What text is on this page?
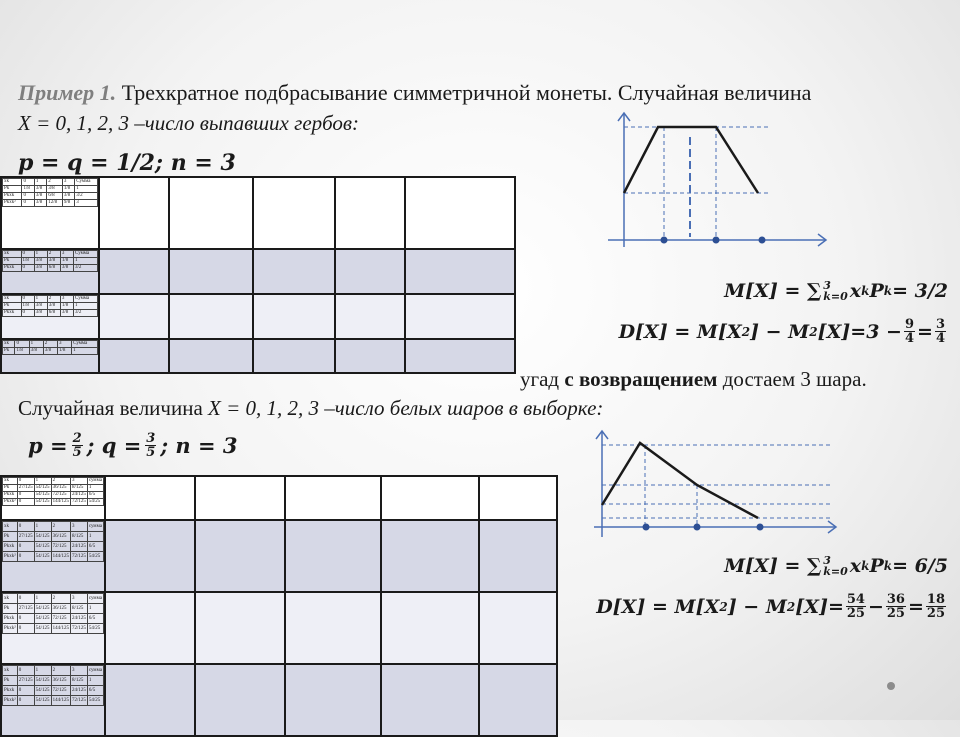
Пример 1. Трехкратное подбрасывание симметричной монеты. Случайная величина
X = 0, 1, 2, 3 –число выпавших гербов:
p = q = 1/2; n = 3
xk	0	1	2	3	Сумма
Pk	1/8	3/8	3/8	1/8	1
Pkxk	0	3/8	6/8	3/8	3/2
Pkxk²	0	3/8	12/8	9/8	3

xk	0	1	2	3	Сумма
Pk	1/8	3/8	3/8	1/8	1
Pkxk	0	3/8	6/8	3/8	3/2

xk	0	1	2	3	Сумма
Pk	1/8	3/8	3/8	1/8	1
Pkxk	0	3/8	6/8	3/8	3/2

xk	0	1	2	3	Сумма
Pk	1/8	3/8	3/8	1/8	1

M[X] = ∑ 3
k=0 x k P k = 3/2
D[X] = M [X 2 ] − M 2 $[X]=3 - \frac{9}{4} = \frac{3}{4}$
угад с возвращением достаем 3 шара.
Случайная величина X = 0, 1, 2, 3 –число белых шаров в выборке:
$p = \frac{2}{5}$ ; $q = \frac{3}{5}$ ; n = 3
xk	0	1	2	3	сумма
Pk	27/125	54/125	36/125	8/125	1
Pkxk	0	54/125	72/125	24/125	6/5
Pkxk²	0	54/125	144/125	72/125	54/25

xk	0	1	2	3	сумма
Pk	27/125	54/125	36/125	8/125	1
Pkxk	0	54/125	72/125	24/125	6/5
Pkxk²	0	54/125	144/125	72/125	54/25

xk	0	1	2	3	сумма
Pk	27/125	54/125	36/125	8/125	1
Pkxk	0	54/125	72/125	24/125	6/5
Pkxk²	0	54/125	144/125	72/125	54/25

xk	0	1	2	3	сумма
Pk	27/125	54/125	36/125	8/125	1
Pkxk	0	54/125	72/125	24/125	6/5
Pkxk²	0	54/125	144/125	72/125	54/25

M[X] = ∑ 3
k=0 x k P k = 6/5
D[X] = M [X 2 ] − M 2 $[X]= \frac{54}{25} - \frac{36}{25} = \frac{18}{25}$
